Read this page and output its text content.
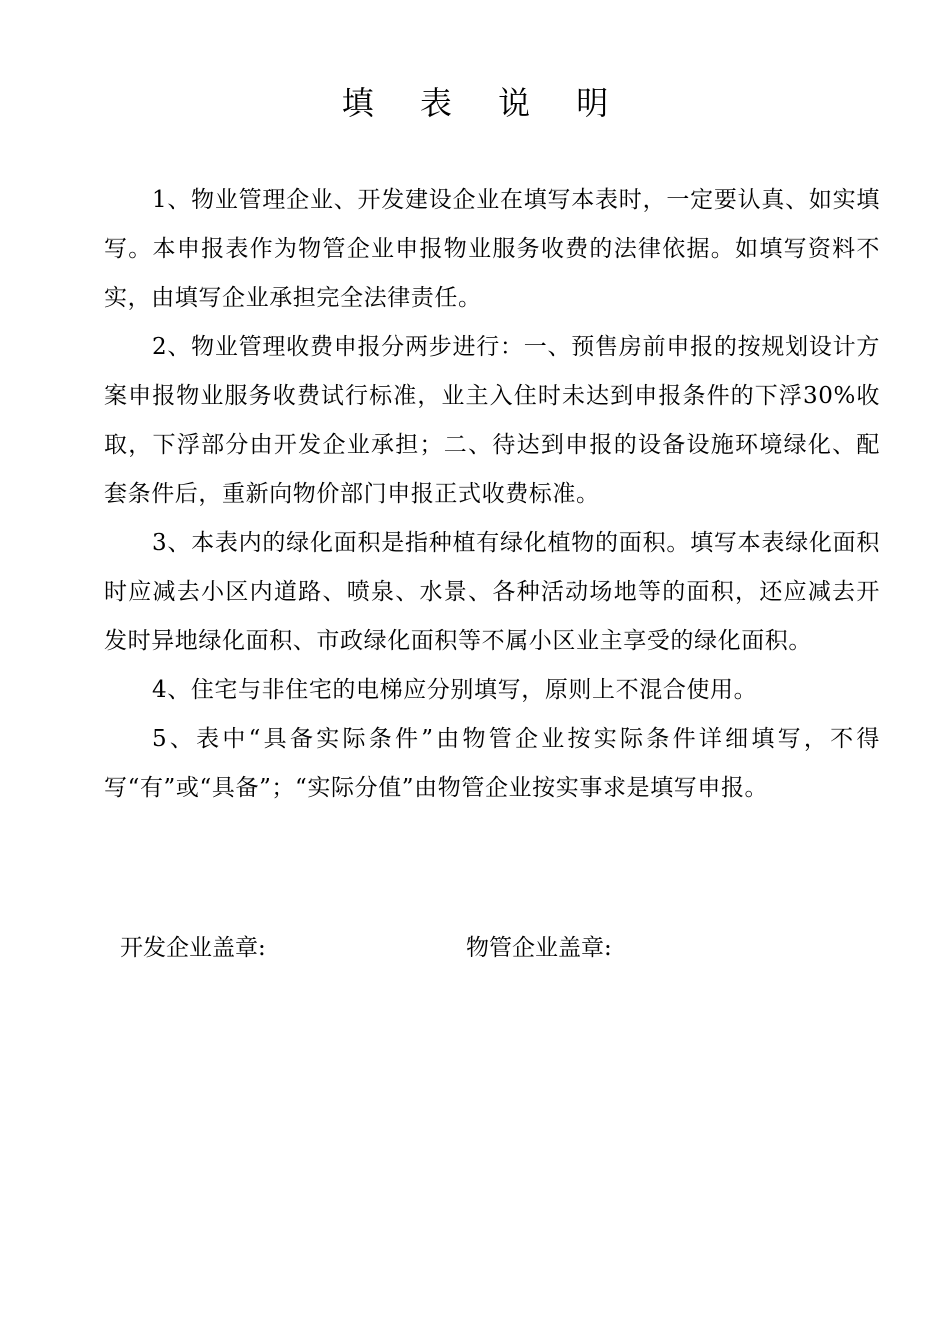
填 表 说 明

1、物业管理企业、开发建设企业在填写本表时，一定要认真、如实填写。本申报表作为物管企业申报物业服务收费的法律依据。如填写资料不实，由填写企业承担完全法律责任。

2、物业管理收费申报分两步进行：一、预售房前申报的按规划设计方案申报物业服务收费试行标准，业主入住时未达到申报条件的下浮30%收取，下浮部分由开发企业承担；二、待达到申报的设备设施环境绿化、配套条件后，重新向物价部门申报正式收费标准。

3、本表内的绿化面积是指种植有绿化植物的面积。填写本表绿化面积时应减去小区内道路、喷泉、水景、各种活动场地等的面积，还应减去开发时异地绿化面积、市政绿化面积等不属小区业主享受的绿化面积。

4、住宅与非住宅的电梯应分别填写，原则上不混合使用。

5、表中“具备实际条件”由物管企业按实际条件详细填写，不得写“有”或“具备”；“实际分值”由物管企业按实事求是填写申报。

开发企业盖章:	物管企业盖章:
